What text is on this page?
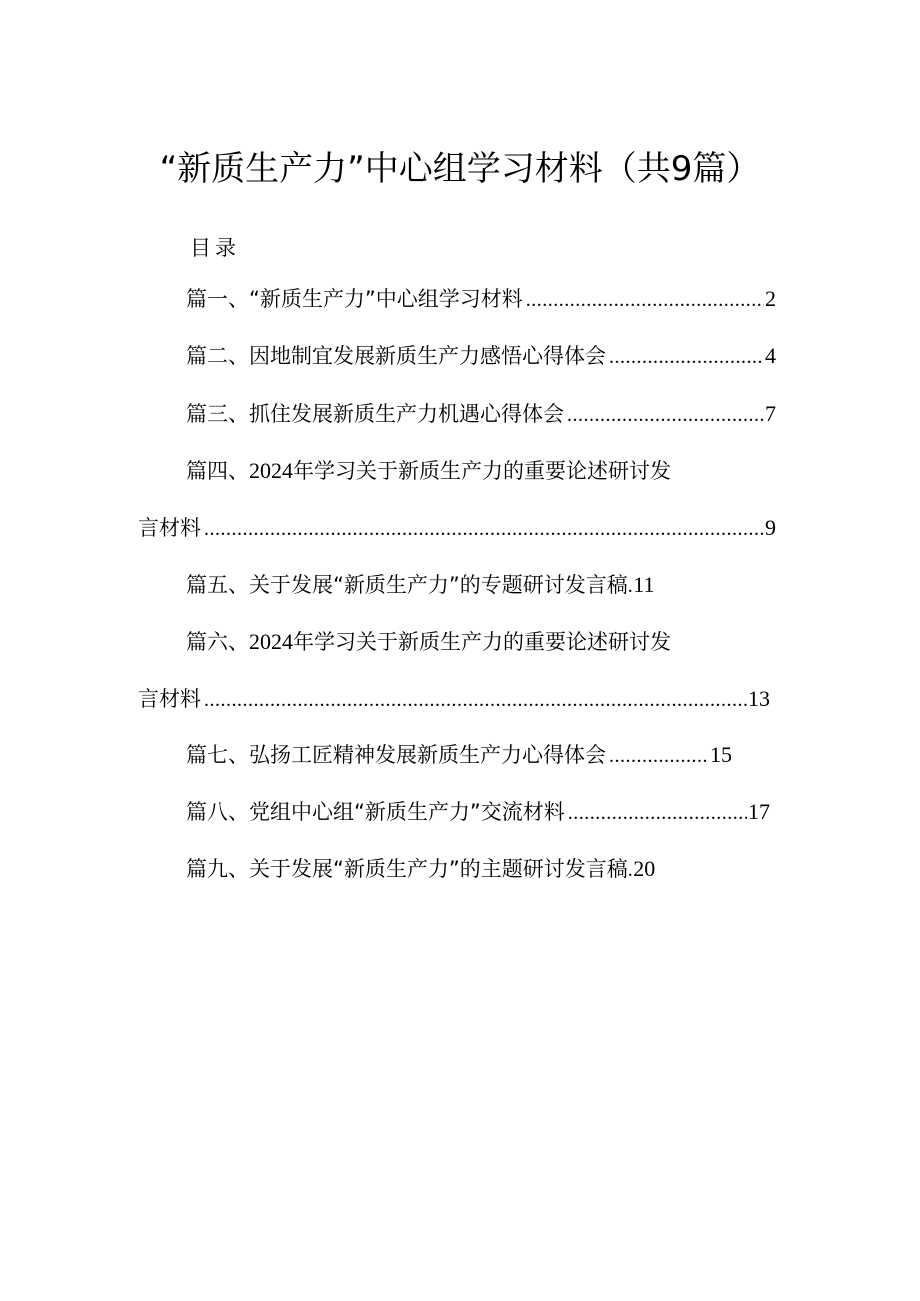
“新质生产力”中心组学习材料（共9篇）
目录
篇一、“新质生产力”中心组学习材料 .....	2
篇二、因地制宜发展新质生产力感悟心得体会 .....	4
篇三、抓住发展新质生产力机遇心得体会 .....	7
篇四、2024年学习关于新质生产力的重要论述研讨发
言材料 .....	9
篇五、关于发展“新质生产力”的专题研讨发言稿 . 11
篇六、2024年学习关于新质生产力的重要论述研讨发
言材料 .....	13
篇七、弘扬工匠精神发展新质生产力心得体会 .....	15
篇八、党组中心组“新质生产力”交流材料 .....	17
篇九、关于发展“新质生产力”的主题研讨发言稿 . 20
